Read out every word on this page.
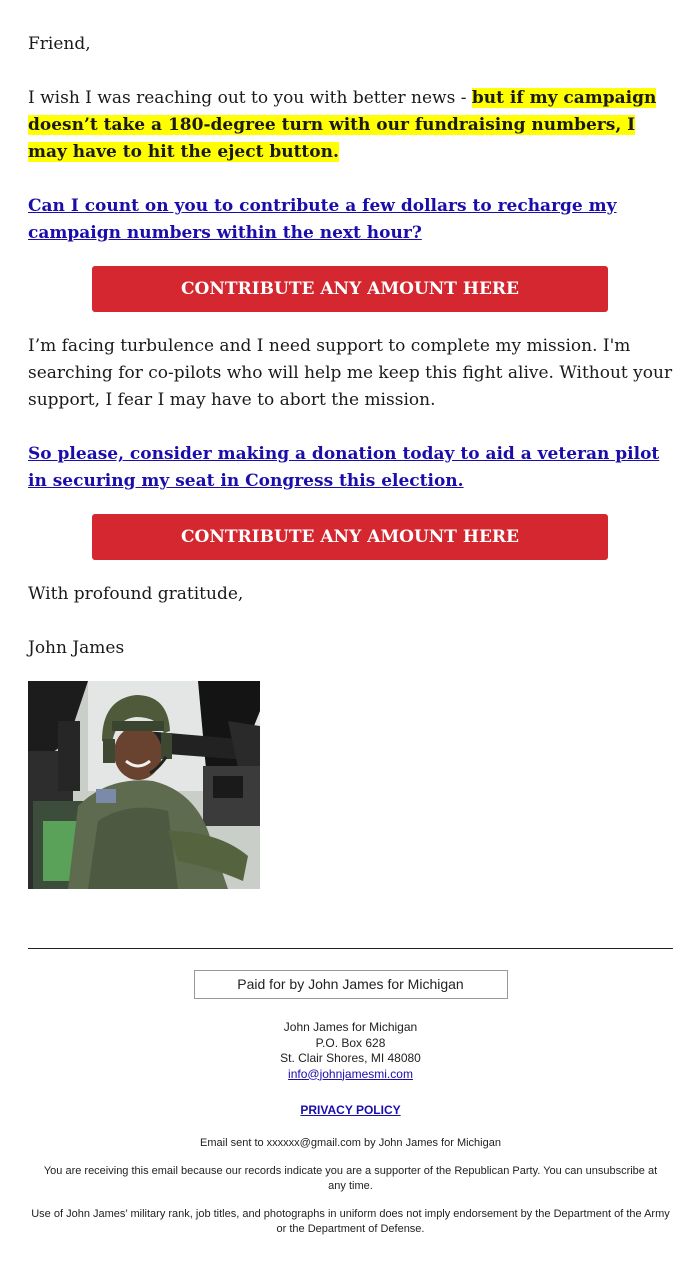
Friend,

I wish I was reaching out to you with better news - but if my campaign doesn’t take a 180-degree turn with our fundraising numbers, I may have to hit the eject button.

Can I count on you to contribute a few dollars to recharge my campaign numbers within the next hour?

CONTRIBUTE ANY AMOUNT HERE

I’m facing turbulence and I need support to complete my mission. I'm searching for co-pilots who will help me keep this fight alive. Without your support, I fear I may have to abort the mission.

So please, consider making a donation today to aid a veteran pilot in securing my seat in Congress this election.

CONTRIBUTE ANY AMOUNT HERE

With profound gratitude,

John James

Paid for by John James for Michigan
John James for Michigan
P.O. Box 628
St. Clair Shores, MI 48080
info@johnjamesmi.com
PRIVACY POLICY
Email sent to xxxxxx@gmail.com by John James for Michigan
You are receiving this email because our records indicate you are a supporter of the Republican Party. You can unsubscribe at any time.
Use of John James’ military rank, job titles, and photographs in uniform does not imply endorsement by the Department of the Army or the Department of Defense.
